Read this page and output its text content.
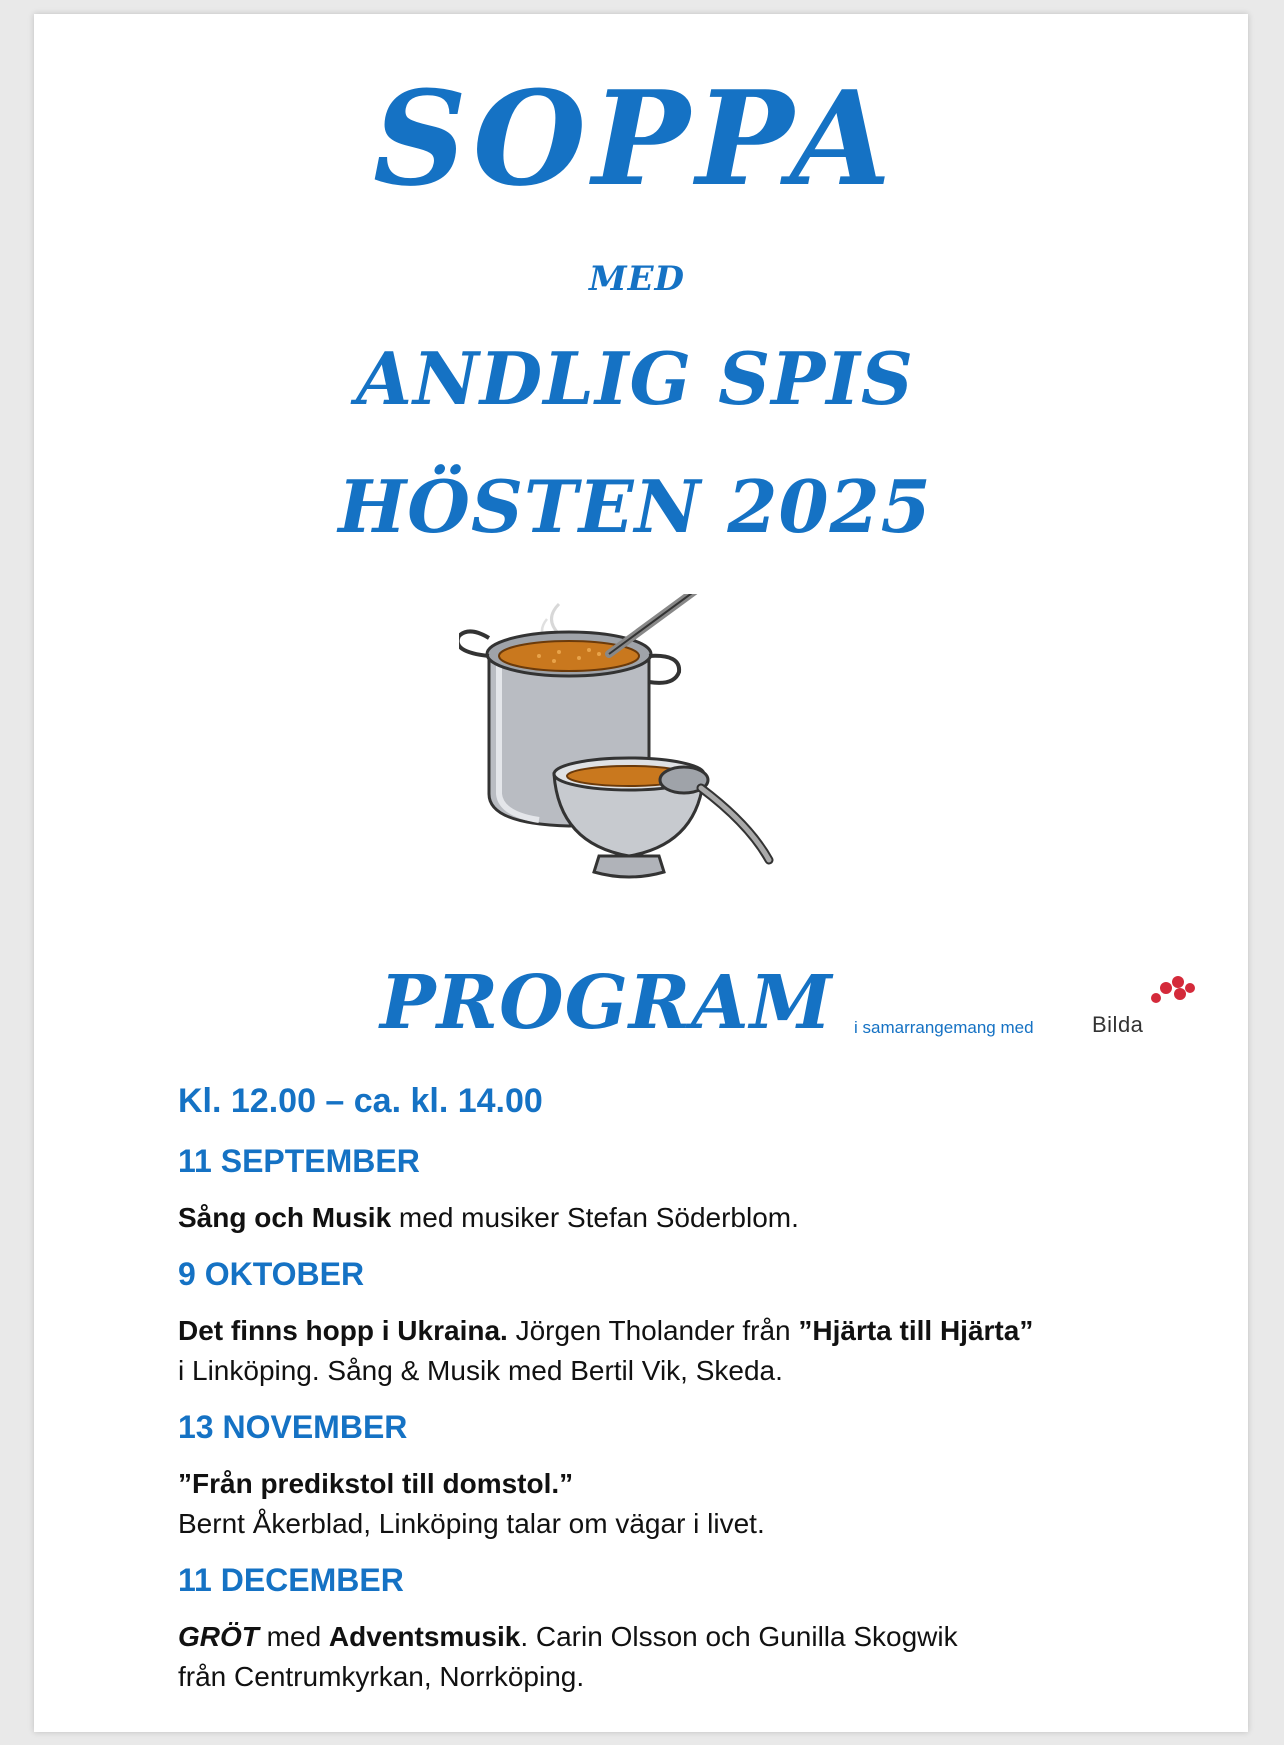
SOPPA
MED
ANDLIG SPIS
HÖSTEN 2025
PROGRAM i samarrangemang med	Bilda
Kl. 12.00 – ca. kl. 14.00
11 SEPTEMBER
Sång och Musik med musiker Stefan Söderblom.
9 OKTOBER
Det finns hopp i Ukraina. Jörgen Tholander från ”Hjärta till Hjärta”
i Linköping. Sång & Musik med Bertil Vik, Skeda.
13 NOVEMBER
”Från predikstol till domstol.”
Bernt Åkerblad, Linköping talar om vägar i livet.
11 DECEMBER
GRÖT med Adventsmusik. Carin Olsson och Gunilla Skogwik
från Centrumkyrkan, Norrköping.
